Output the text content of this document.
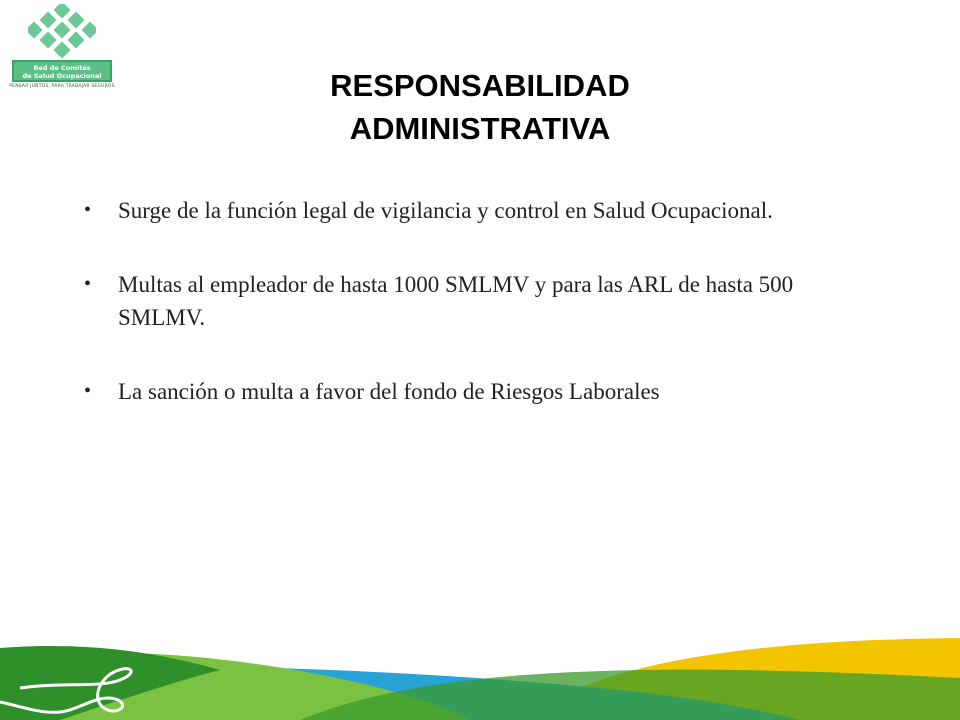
Red de Comités
de Salud Ocupacional
PENSAR JUNTOS, PARA TRABAJAR SEGUROS	RESPONSABILIDAD
ADMINISTRATIVA
• Surge de la función legal de vigilancia y control en Salud Ocupacional.
• Multas al empleador de hasta 1000 SMLMV y para las ARL de hasta 500 SMLMV.
• La sanción o multa a favor del fondo de Riesgos Laborales
